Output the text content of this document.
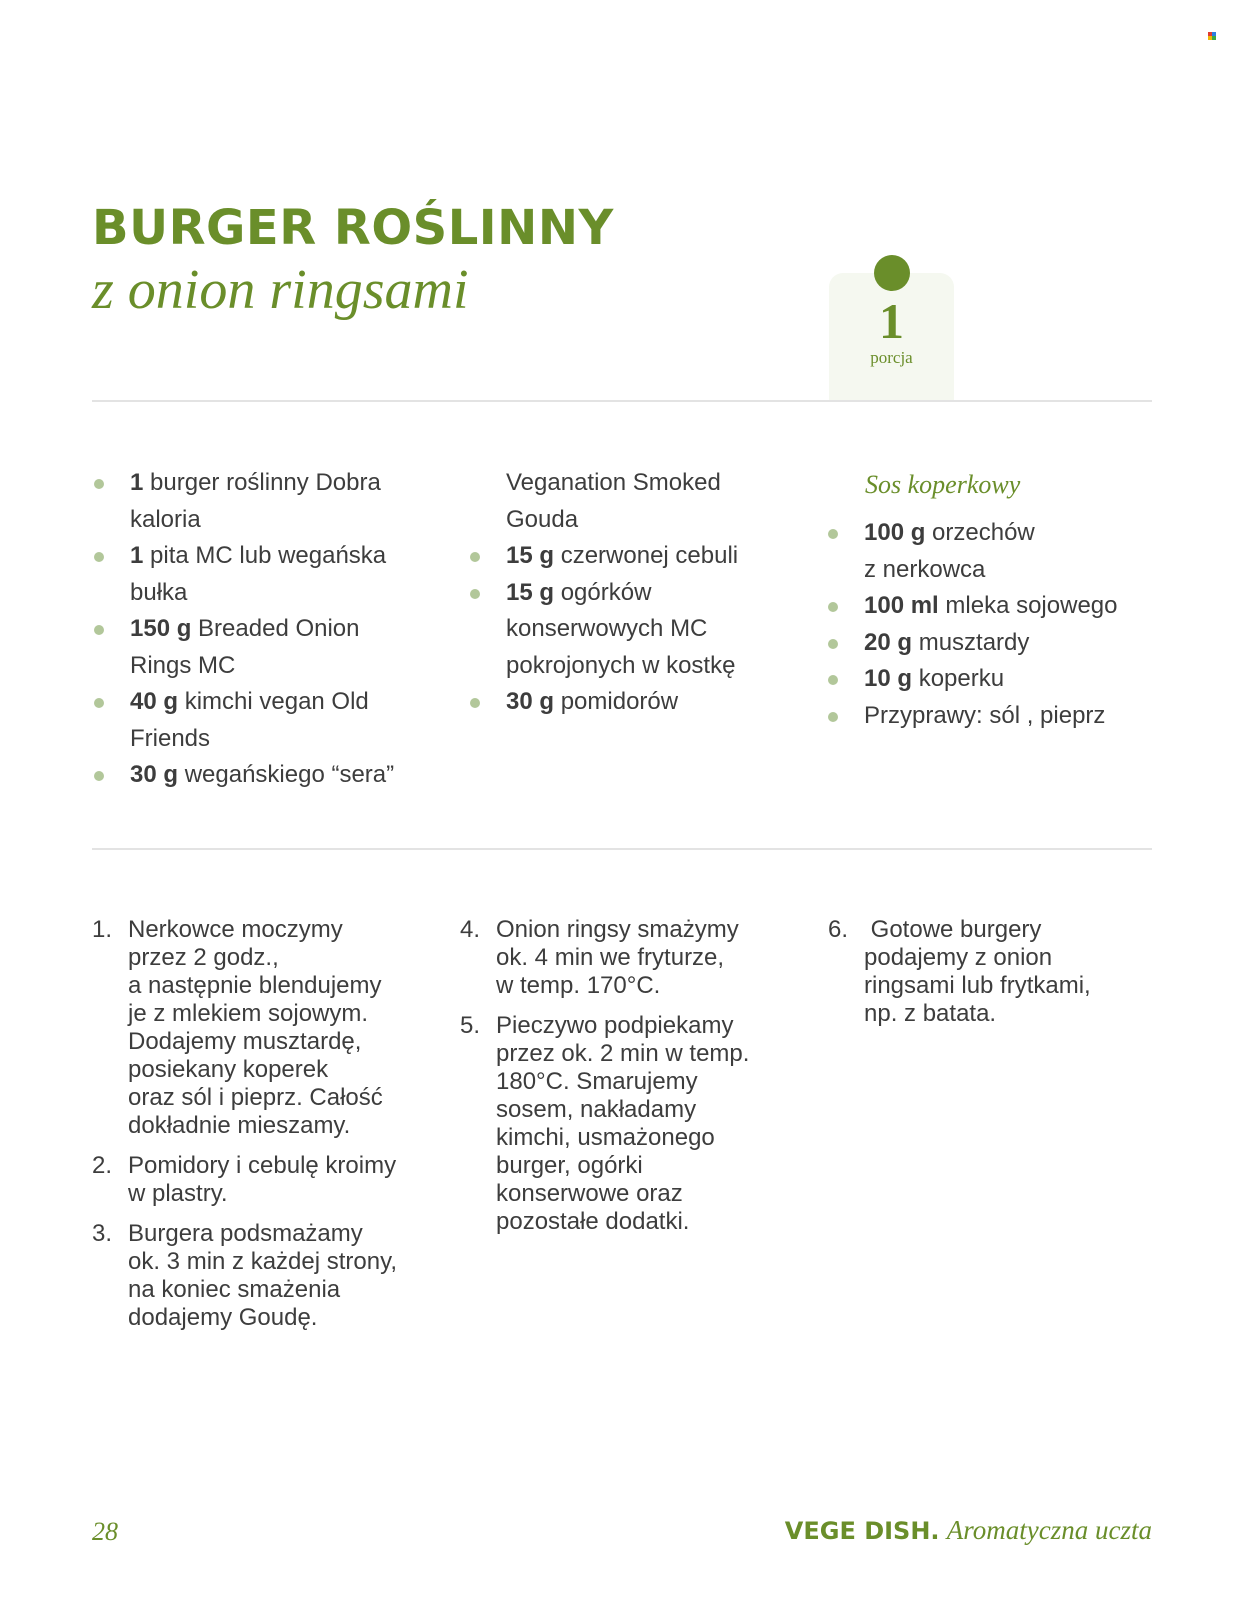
BURGER ROŚLINNY
z onion ringsami	1
porcja
1 burger roślinny Dobra
kaloria
1 pita MC lub wegańska
bułka
150 g Breaded Onion
Rings MC
40 g kimchi vegan Old
Friends
30 g wegańskiego “sera”
Veganation Smoked
Gouda
15 g czerwonej cebuli
15 g ogórków
konserwowych MC
pokrojonych w kostkę
30 g pomidorów
Sos koperkowy
100 g orzechów
z nerkowca
100 ml mleka sojowego
20 g musztardy
10 g koperku
Przyprawy: sól , pieprz
1. Nerkowce moczymy
przez 2 godz.,
a następnie blendujemy
je z mlekiem sojowym.
Dodajemy musztardę,
posiekany koperek
oraz sól i pieprz. Całość
dokładnie mieszamy.
2. Pomidory i cebulę kroimy
w plastry.
3. Burgera podsmażamy
ok. 3 min z każdej strony,
na koniec smażenia
dodajemy Goudę.
4. Onion ringsy smażymy
ok. 4 min we fryturze,
w temp. 170°C.
5. Pieczywo podpiekamy
przez ok. 2 min w temp.
180°C. Smarujemy
sosem, nakładamy
kimchi, usmażonego
burger, ogórki
konserwowe oraz
pozostałe dodatki.
6. Gotowe burgery
podajemy z onion
ringsami lub frytkami,
np. z batata.
28	VEGE DISH. Aromatyczna uczta
